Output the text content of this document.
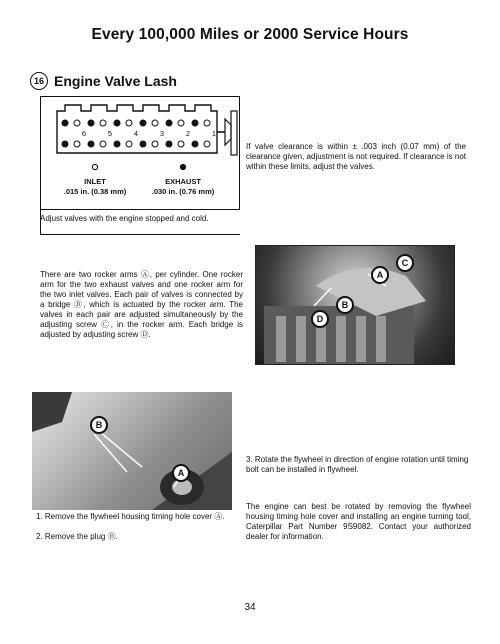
Every 100,000 Miles or 2000 Service Hours
16 Engine Valve Lash
6	5	4	3	2	1
INLET
.015 in. (0.38 mm)
EXHAUST
.030 in. (0.76 mm)
If valve clearance is within ± .003 inch (0.07 mm) of the clearance given, adjustment is not required. If clearance is not within these limits, adjust the valves.
Adjust valves with the engine stopped and cold.
There are two rocker arms Ⓐ, per cylinder. One rocker arm for the two exhaust valves and one rocker arm for the two inlet valves. Each pair of valves is connected by a bridge Ⓑ, which is actuated by the rocker arm. The valves in each pair are adjusted simultaneously by the adjusting screw Ⓒ, in the rocker arm. Each bridge is adjusted by adjusting screw Ⓓ.
A
B
C
D
B
A
3. Rotate the flywheel in direction of engine rotation until timing bolt can be installed in flywheel.
1. Remove the flywheel housing timing hole cover Ⓐ.
2. Remove the plug Ⓑ.
The engine can best be rotated by removing the flywheel housing timing hole cover and installing an engine turning tool, Caterpillar Part Number 9S9082. Contact your authorized dealer for information.
34
